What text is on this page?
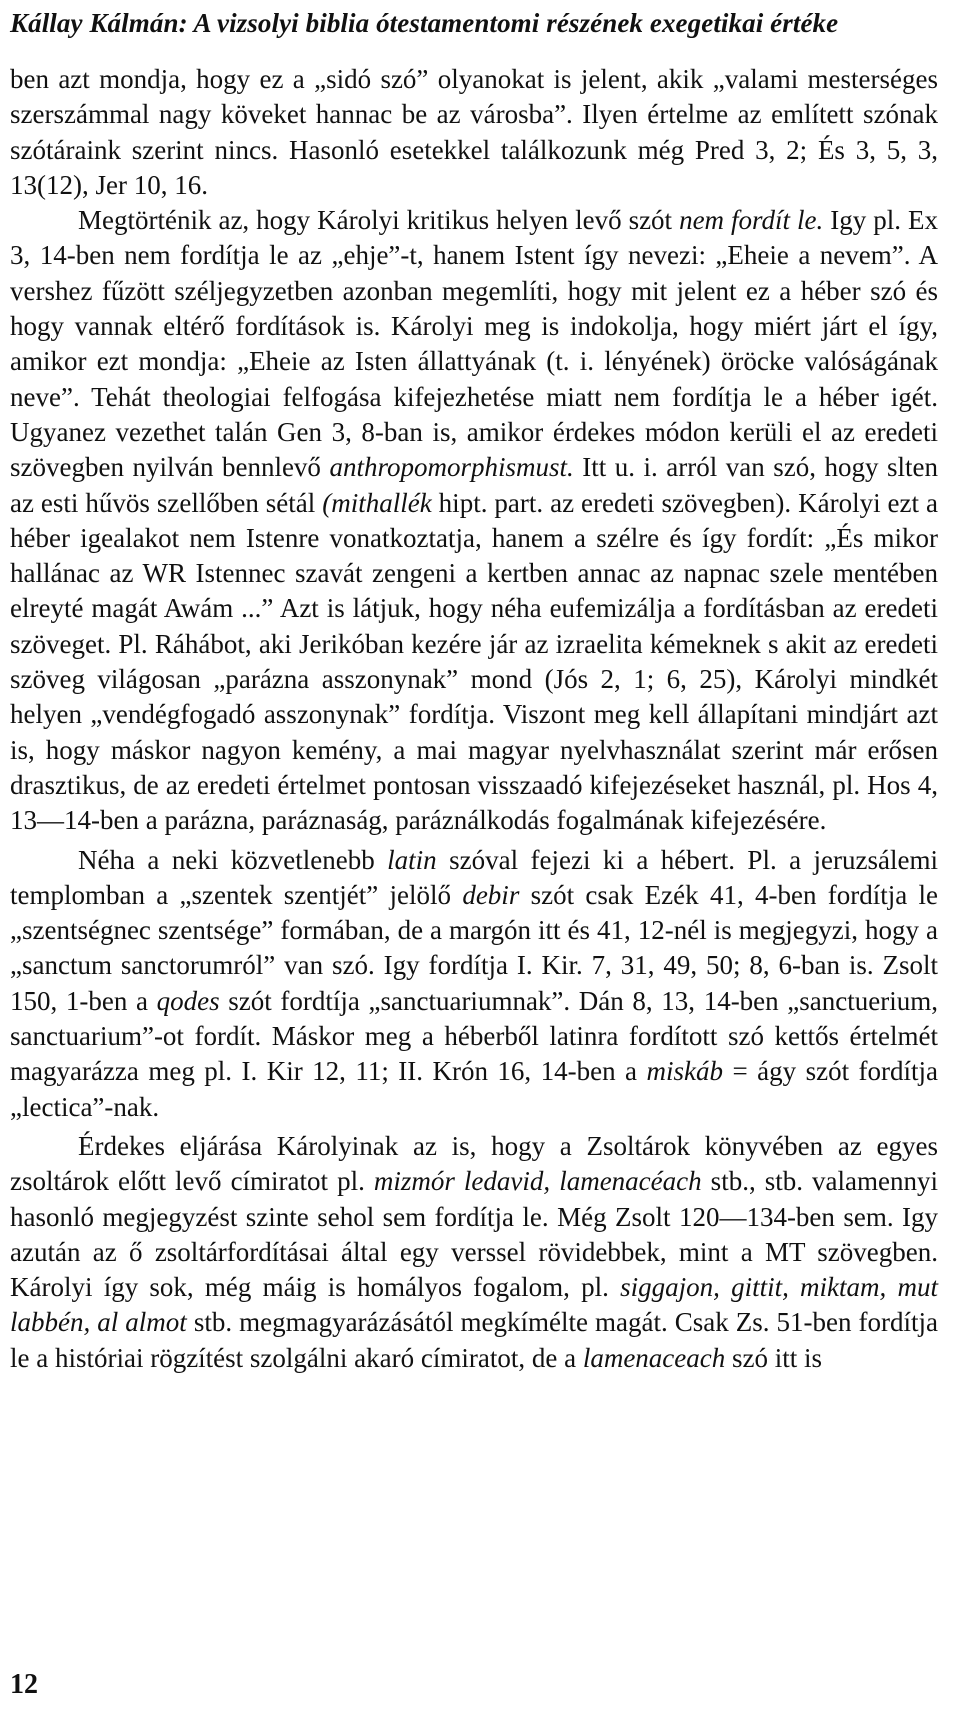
Kállay Kálmán: A vizsolyi biblia ótestamentomi részének exegetikai értéke

ben azt mondja, hogy ez a „sidó szó” olyanokat is jelent, akik „valami mesterséges szerszámmal nagy köveket hannac be az városba”. Ilyen értelme az említett szónak szótáraink szerint nincs. Hasonló esetekkel találkozunk még Pred 3, 2; És 3, 5, 3, 13(12), Jer 10, 16.

Megtörténik az, hogy Károlyi kritikus helyen levő szót nem fordít le. Igy pl. Ex 3, 14-ben nem fordítja le az „ehje”-t, hanem Istent így nevezi: „Eheie a nevem”. A vershez fűzött széljegyzetben azonban megemlíti, hogy mit jelent ez a héber szó és hogy vannak eltérő fordítások is. Károlyi meg is indokolja, hogy miért járt el így, amikor ezt mondja: „Eheie az Isten állattyának (t. i. lényének) öröcke valóságának neve”. Tehát theologiai felfogása kifejezhetése miatt nem fordítja le a héber igét. Ugyanez vezethet talán Gen 3, 8-ban is, amikor érdekes módon kerüli el az eredeti szövegben nyilván bennlevő anthropomorphismust. Itt u. i. arról van szó, hogy slten az esti hűvös szellőben sétál (mithallék hipt. part. az eredeti szövegben). Károlyi ezt a héber igealakot nem Istenre vonatkoztatja, hanem a szélre és így fordít: „És mikor hallánac az WR Istennec szavát zengeni a kertben annac az napnac szele mentében elreyté magát Awám ...” Azt is látjuk, hogy néha eufemizálja a fordításban az eredeti szöveget. Pl. Ráhábot, aki Jerikóban kezére jár az izraelita kémeknek s akit az eredeti szöveg világosan „parázna asszonynak” mond (Jós 2, 1; 6, 25), Károlyi mindkét helyen „vendégfogadó asszonynak” fordítja. Viszont meg kell állapítani mindjárt azt is, hogy máskor nagyon kemény, a mai magyar nyelvhasználat szerint már erősen drasztikus, de az eredeti értelmet pontosan visszaadó kifejezéseket használ, pl. Hos 4, 13—14-ben a parázna, paráznaság, paráználkodás fogalmának kifejezésére.

Néha a neki közvetlenebb latin szóval fejezi ki a hébert. Pl. a jeruzsálemi templomban a „szentek szentjét” jelölő debir szót csak Ezék 41, 4-ben fordítja le „szentségnec szentsége” formában, de a margón itt és 41, 12-nél is megjegyzi, hogy a „sanctum sanctorumról” van szó. Igy fordítja I. Kir. 7, 31, 49, 50; 8, 6-ban is. Zsolt 150, 1-ben a qodes szót fordtíja „sanctuariumnak”. Dán 8, 13, 14-ben „sanctuerium, sanctuarium”-ot fordít. Máskor meg a héberből latinra fordított szó kettős értelmét magyarázza meg pl. I. Kir 12, 11; II. Krón 16, 14-ben a miskáb = ágy szót fordítja „lectica”-nak.

Érdekes eljárása Károlyinak az is, hogy a Zsoltárok könyvében az egyes zsoltárok előtt levő címiratot pl. mizmór ledavid, lamenacéach stb., stb. valamennyi hasonló megjegyzést szinte sehol sem fordítja le. Még Zsolt 120—134-ben sem. Igy azután az ő zsoltárfordításai által egy verssel rövidebbek, mint a MT szövegben. Károlyi így sok, még máig is homályos fogalom, pl. siggajon, gittit, miktam, mut labbén, al almot stb. megmagyarázásától megkímélte magát. Csak Zs. 51-ben fordítja le a históriai rögzítést szolgálni akaró címiratot, de a lamenaceach szó itt is

12
